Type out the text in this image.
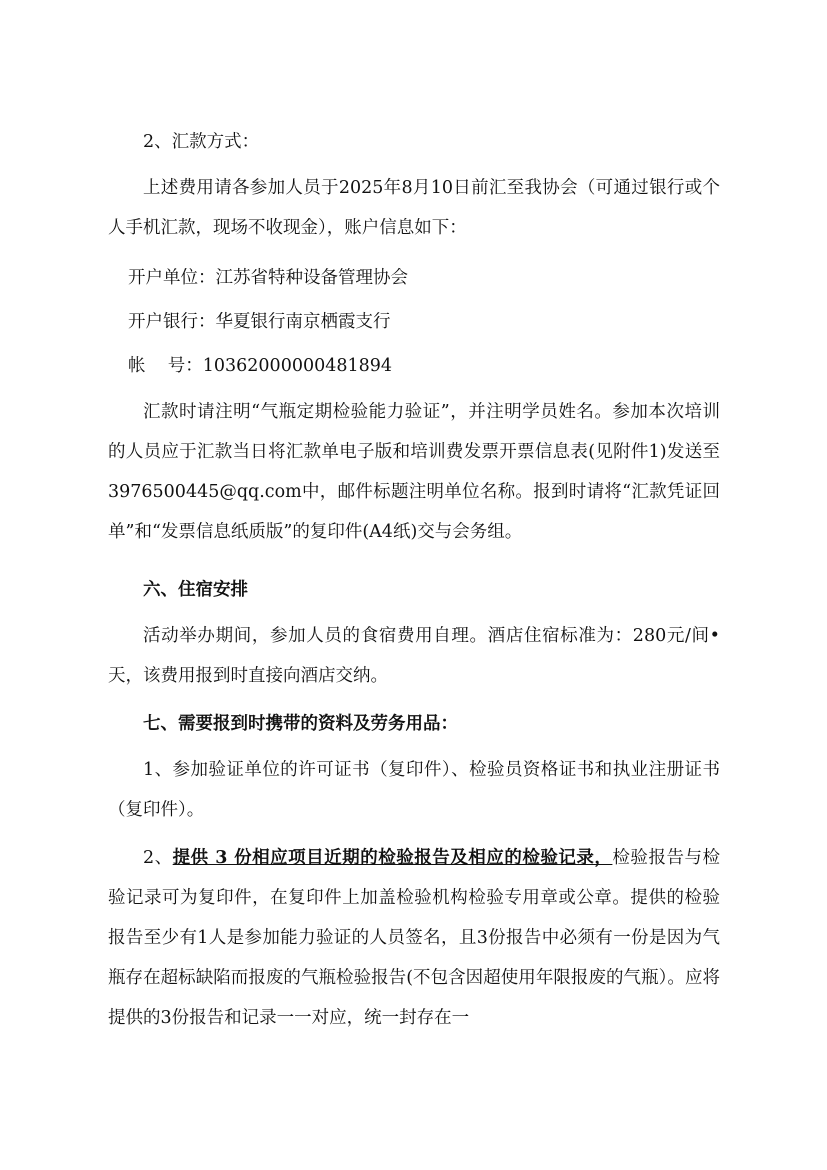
2、汇款方式：

上述费用请各参加人员于2025年8月10日前汇至我协会（可通过银行或个人手机汇款，现场不收现金），账户信息如下：

开户单位：江苏省特种设备管理协会

开户银行：华夏银行南京栖霞支行

帐    号：10362000000481894

汇款时请注明“气瓶定期检验能力验证”，并注明学员姓名。参加本次培训的人员应于汇款当日将汇款单电子版和培训费发票开票信息表(见附件1)发送至3976500445@qq.com中，邮件标题注明单位名称。报到时请将“汇款凭证回单”和“发票信息纸质版”的复印件(A4纸)交与会务组。

六、住宿安排

活动举办期间，参加人员的食宿费用自理。酒店住宿标准为：280元/间•天，该费用报到时直接向酒店交纳。

七、需要报到时携带的资料及劳务用品：

1、参加验证单位的许可证书（复印件）、检验员资格证书和执业注册证书（复印件）。

2、提供 3 份相应项目近期的检验报告及相应的检验记录，检验报告与检验记录可为复印件，在复印件上加盖检验机构检验专用章或公章。提供的检验报告至少有1人是参加能力验证的人员签名，且3份报告中必须有一份是因为气瓶存在超标缺陷而报废的气瓶检验报告(不包含因超使用年限报废的气瓶）。应将提供的3份报告和记录一一对应，统一封存在一
